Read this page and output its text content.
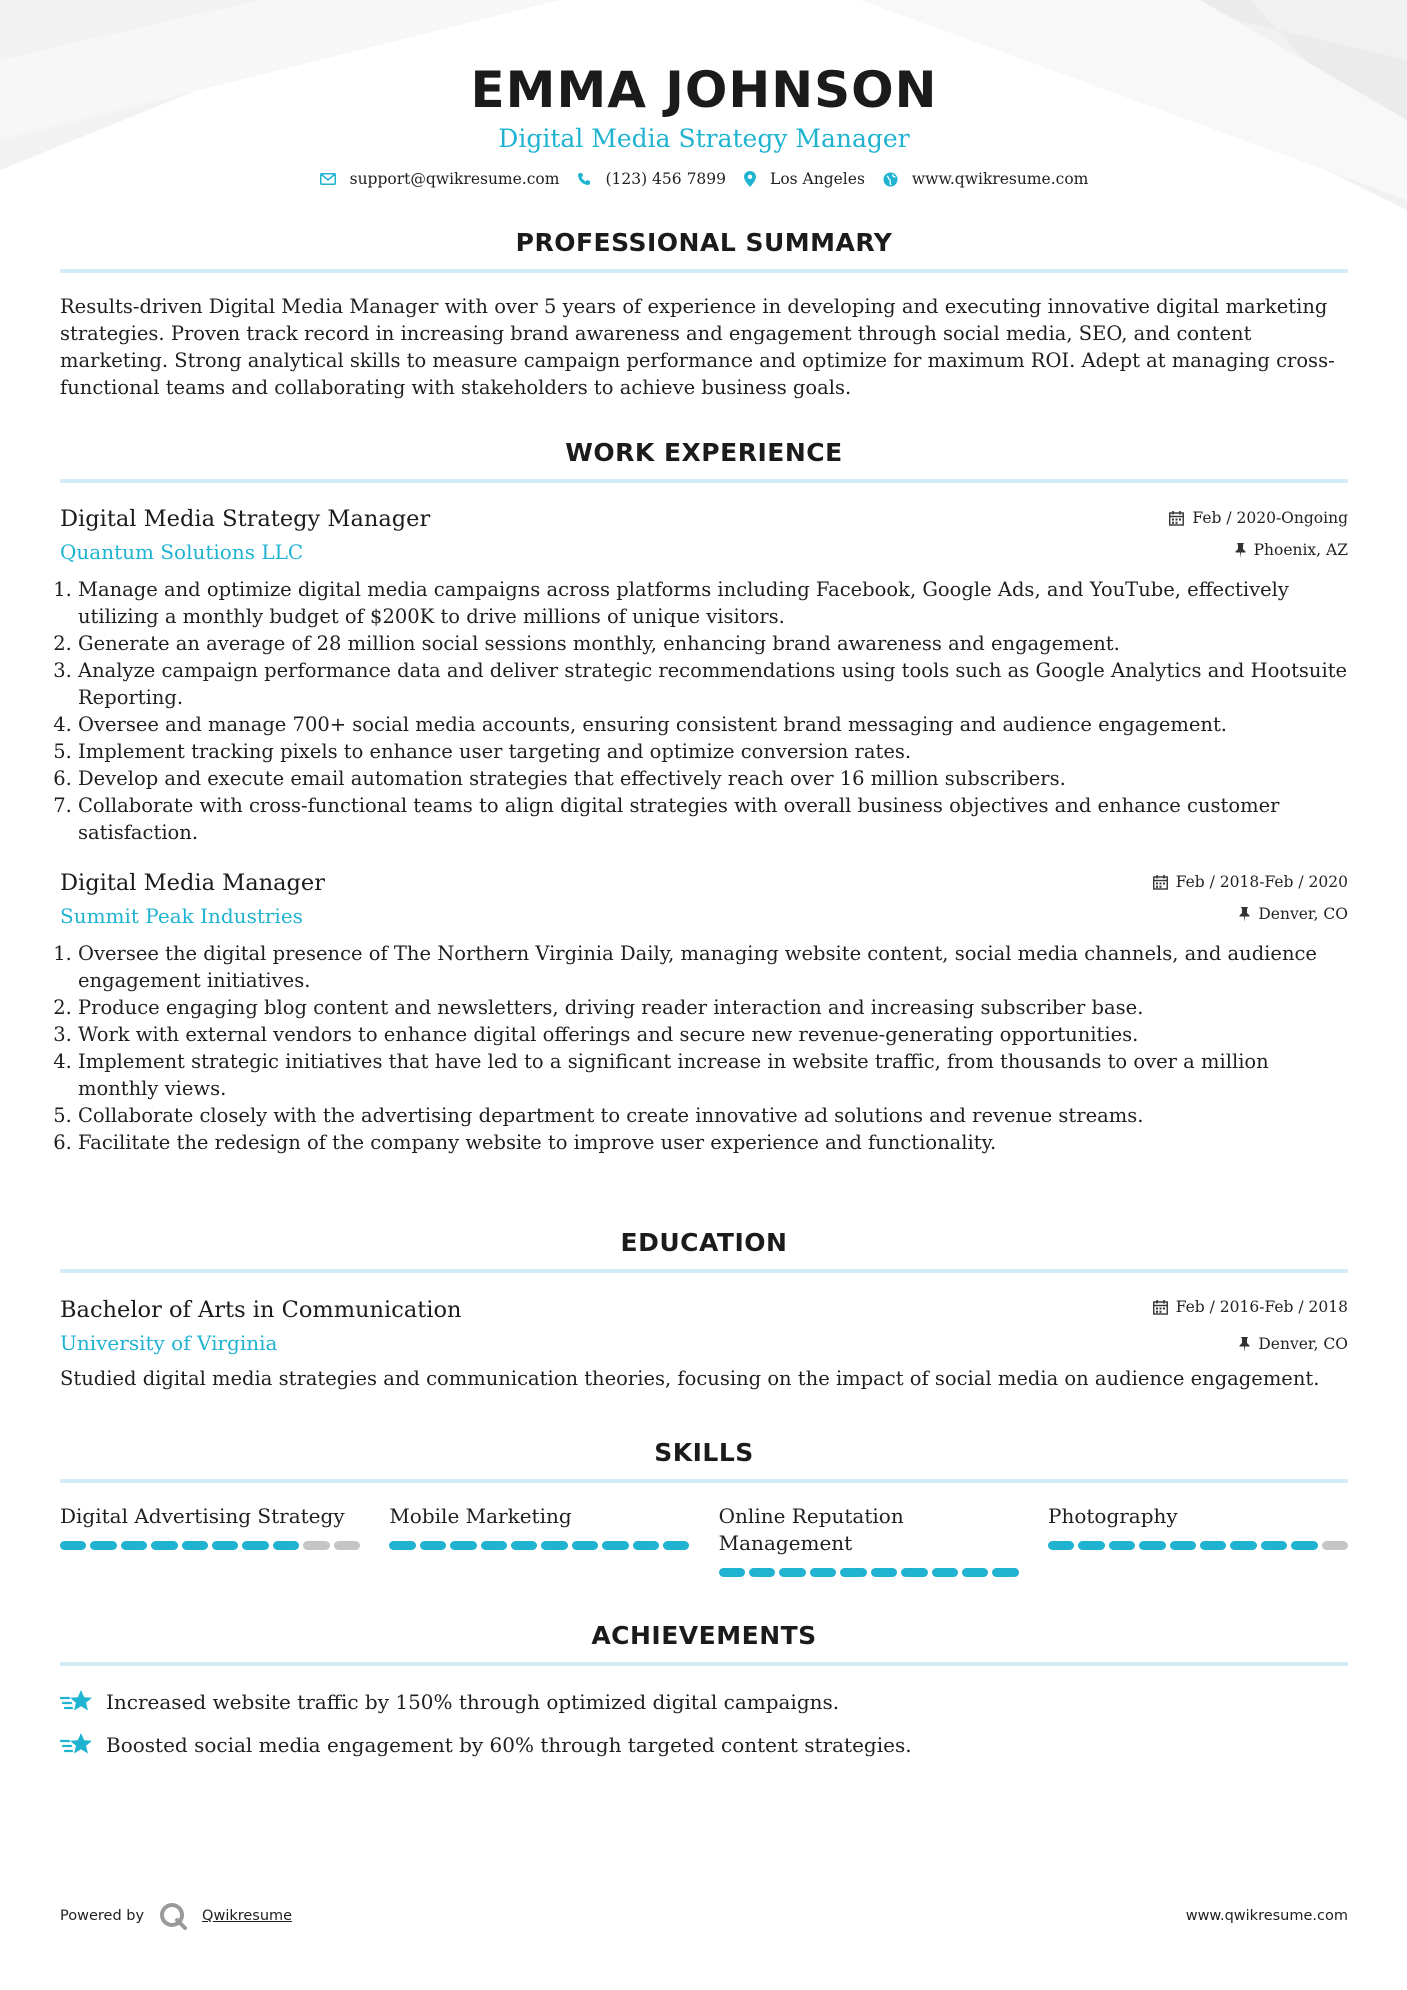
EMMA JOHNSON
Digital Media Strategy Manager
support@qwikresume.com	(123) 456 7899	Los Angeles	www.qwikresume.com
PROFESSIONAL SUMMARY
Results-driven Digital Media Manager with over 5 years of experience in developing and executing innovative digital marketing strategies. Proven track record in increasing brand awareness and engagement through social media, SEO, and content marketing. Strong analytical skills to measure campaign performance and optimize for maximum ROI. Adept at managing cross-functional teams and collaborating with stakeholders to achieve business goals.
WORK EXPERIENCE
Digital Media Strategy Manager
Quantum Solutions LLC
Feb / 2020-Ongoing
Phoenix, AZ
1. Manage and optimize digital media campaigns across platforms including Facebook, Google Ads, and YouTube, effectively utilizing a monthly budget of $200K to drive millions of unique visitors.
2. Generate an average of 28 million social sessions monthly, enhancing brand awareness and engagement.
3. Analyze campaign performance data and deliver strategic recommendations using tools such as Google Analytics and Hootsuite Reporting.
4. Oversee and manage 700+ social media accounts, ensuring consistent brand messaging and audience engagement.
5. Implement tracking pixels to enhance user targeting and optimize conversion rates.
6. Develop and execute email automation strategies that effectively reach over 16 million subscribers.
7. Collaborate with cross-functional teams to align digital strategies with overall business objectives and enhance customer satisfaction.
Digital Media Manager
Summit Peak Industries
Feb / 2018-Feb / 2020
Denver, CO
1. Oversee the digital presence of The Northern Virginia Daily, managing website content, social media channels, and audience engagement initiatives.
2. Produce engaging blog content and newsletters, driving reader interaction and increasing subscriber base.
3. Work with external vendors to enhance digital offerings and secure new revenue-generating opportunities.
4. Implement strategic initiatives that have led to a significant increase in website traffic, from thousands to over a million monthly views.
5. Collaborate closely with the advertising department to create innovative ad solutions and revenue streams.
6. Facilitate the redesign of the company website to improve user experience and functionality.
EDUCATION
Bachelor of Arts in Communication
University of Virginia
Feb / 2016-Feb / 2018
Denver, CO
Studied digital media strategies and communication theories, focusing on the impact of social media on audience engagement.
SKILLS
Digital Advertising Strategy	Mobile Marketing	Online Reputation Management
Photography
ACHIEVEMENTS
Increased website traffic by 150% through optimized digital campaigns.
Boosted social media engagement by 60% through targeted content strategies.
Powered by	Qwikresume	www.qwikresume.com
